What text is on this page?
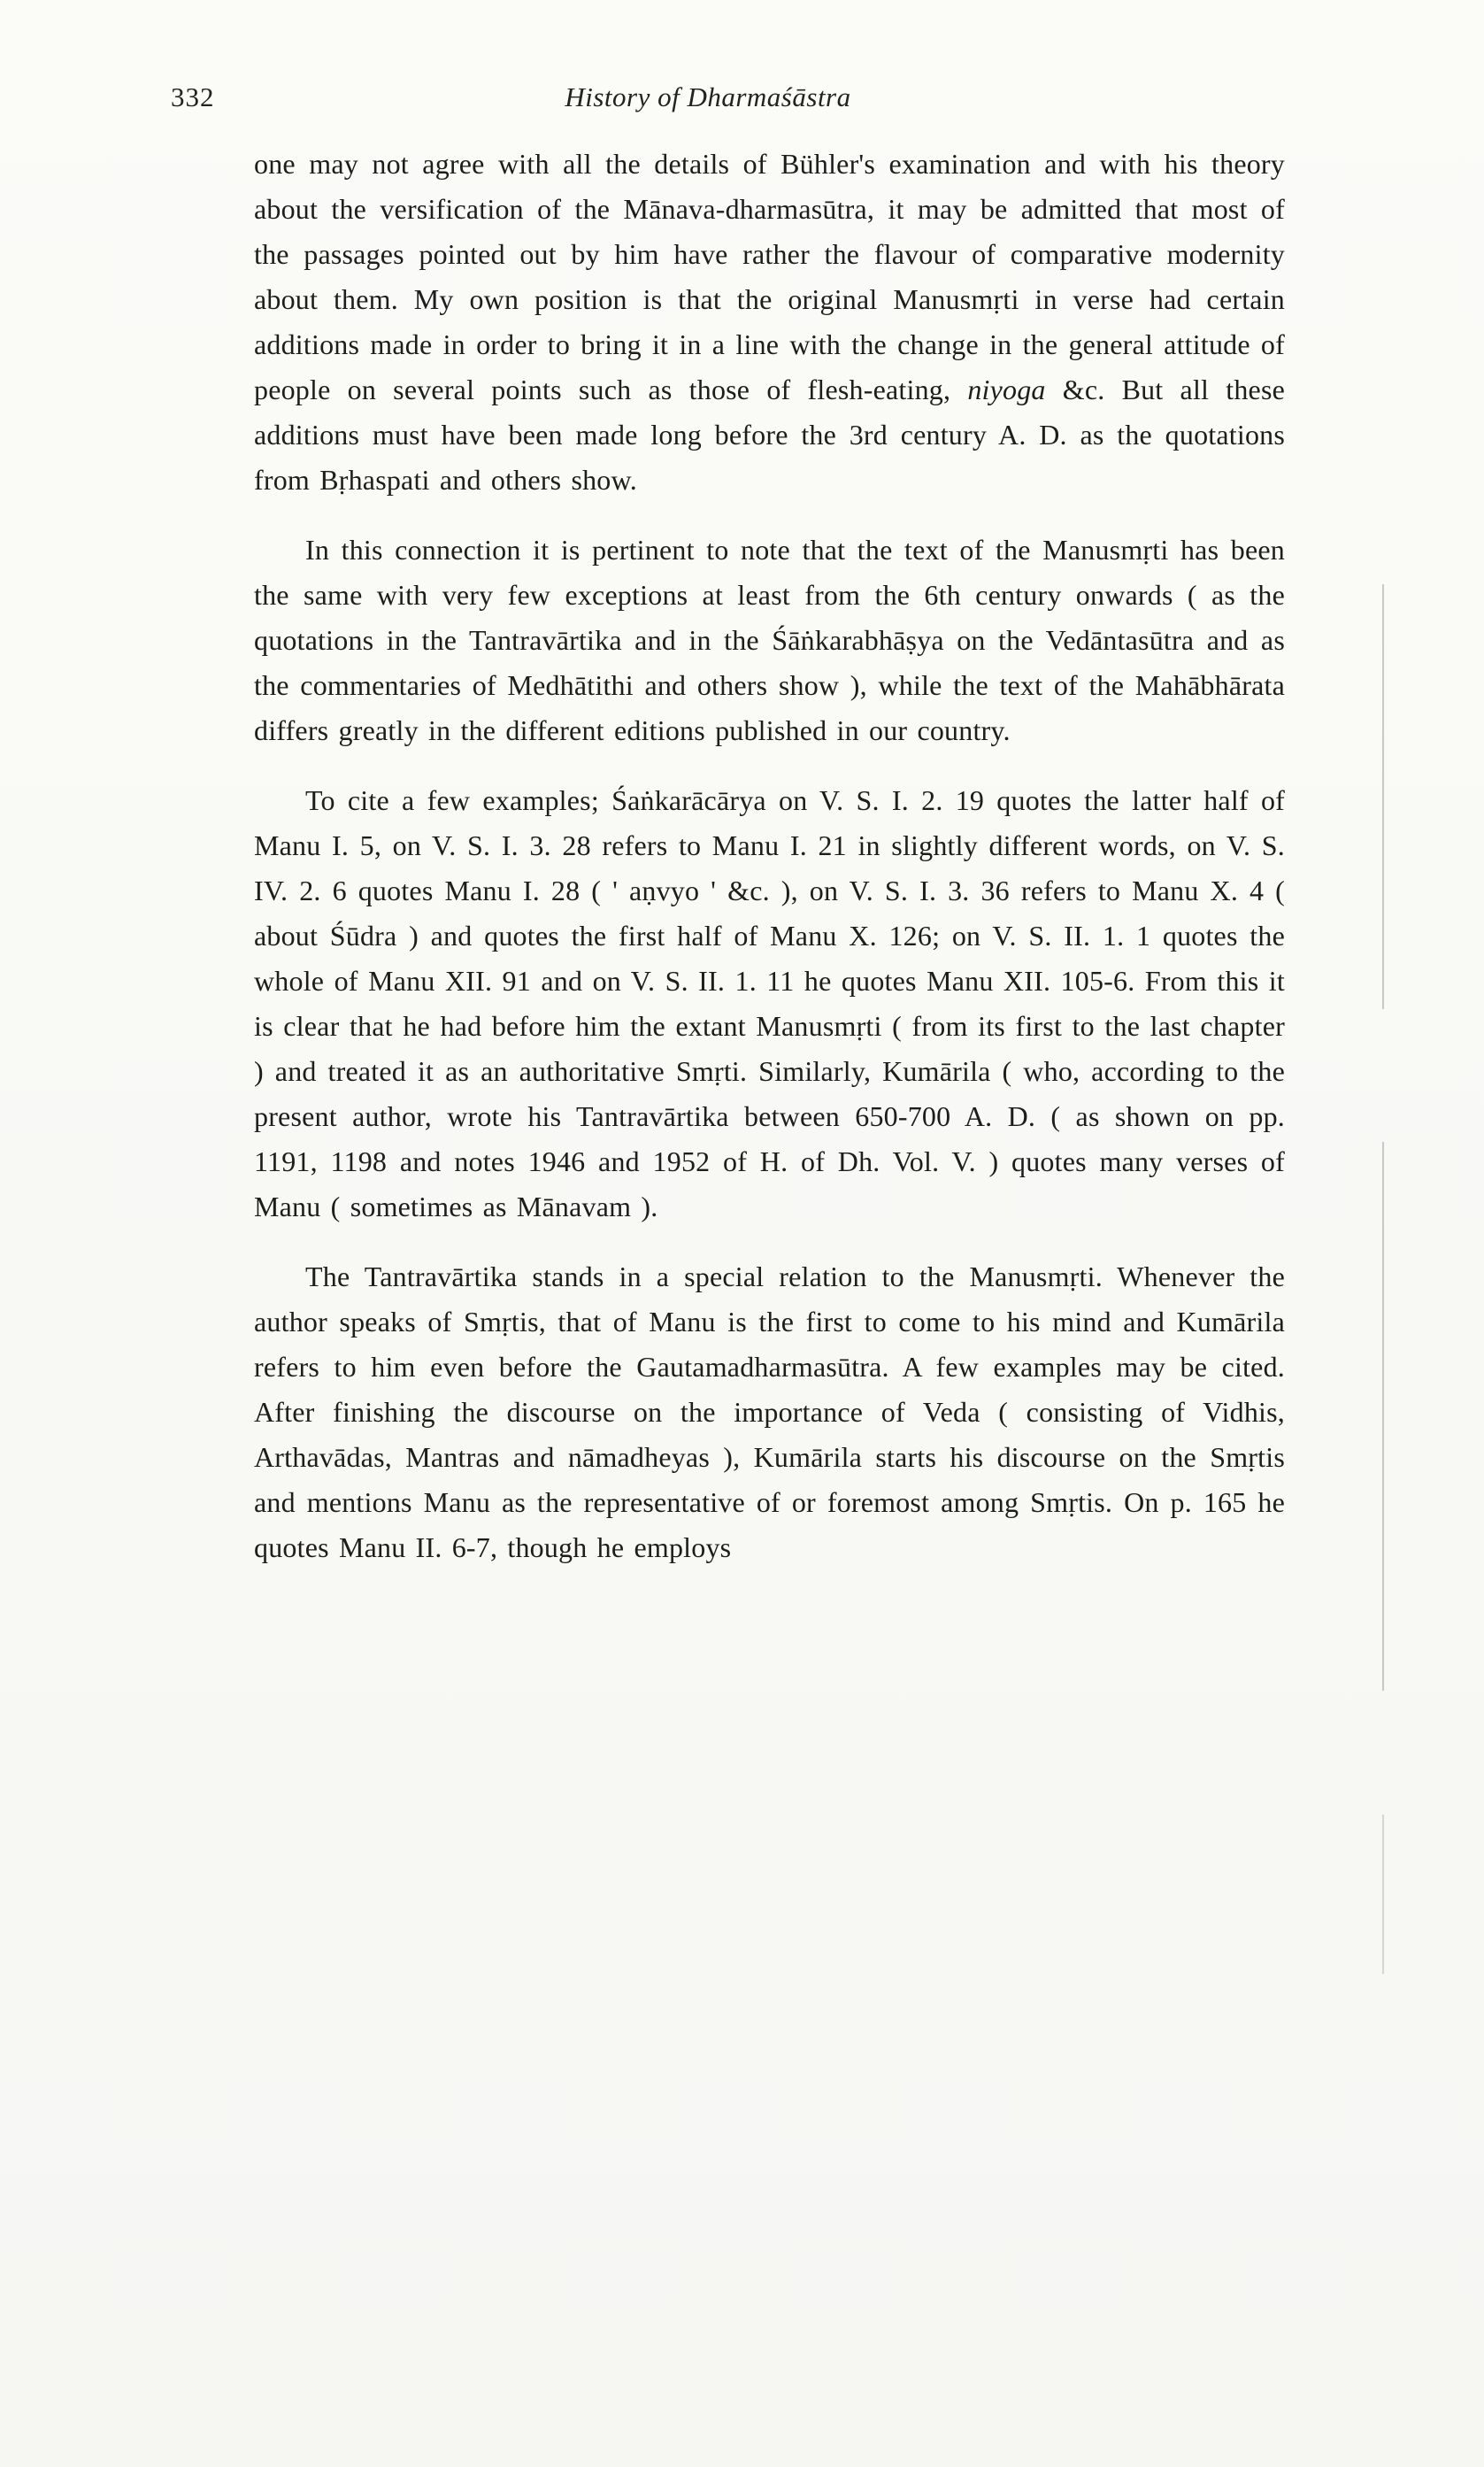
332	History of Dharmaśāstra

one may not agree with all the details of Bühler's examination and with his theory about the versification of the Mānava-dharmasūtra, it may be admitted that most of the passages pointed out by him have rather the flavour of comparative modernity about them. My own position is that the original Manusmṛti in verse had certain additions made in order to bring it in a line with the change in the general attitude of people on several points such as those of flesh-eating, niyoga &c. But all these additions must have been made long before the 3rd century A. D. as the quotations from Bṛhaspati and others show.

In this connection it is pertinent to note that the text of the Manusmṛti has been the same with very few exceptions at least from the 6th century onwards ( as the quotations in the Tantravārtika and in the Śāṅkarabhāṣya on the Vedāntasūtra and as the commentaries of Medhātithi and others show ), while the text of the Mahābhārata differs greatly in the different editions published in our country.

To cite a few examples; Śaṅkarācārya on V. S. I. 2. 19 quotes the latter half of Manu I. 5, on V. S. I. 3. 28 refers to Manu I. 21 in slightly different words, on V. S. IV. 2. 6 quotes Manu I. 28 ( ' aṇvyo ' &c. ), on V. S. I. 3. 36 refers to Manu X. 4 ( about Śūdra ) and quotes the first half of Manu X. 126; on V. S. II. 1. 1 quotes the whole of Manu XII. 91 and on V. S. II. 1. 11 he quotes Manu XII. 105-6. From this it is clear that he had before him the extant Manusmṛti ( from its first to the last chapter ) and treated it as an authoritative Smṛti. Similarly, Kumārila ( who, according to the present author, wrote his Tantravārtika between 650-700 A. D. ( as shown on pp. 1191, 1198 and notes 1946 and 1952 of H. of Dh. Vol. V. ) quotes many verses of Manu ( sometimes as Mānavam ).

The Tantravārtika stands in a special relation to the Manusmṛti. Whenever the author speaks of Smṛtis, that of Manu is the first to come to his mind and Kumārila refers to him even before the Gautamadharmasūtra. A few examples may be cited. After finishing the discourse on the importance of Veda ( consisting of Vidhis, Arthavādas, Mantras and nāmadheyas ), Kumārila starts his discourse on the Smṛtis and mentions Manu as the representative of or foremost among Smṛtis. On p. 165 he quotes Manu II. 6-7, though he employs
